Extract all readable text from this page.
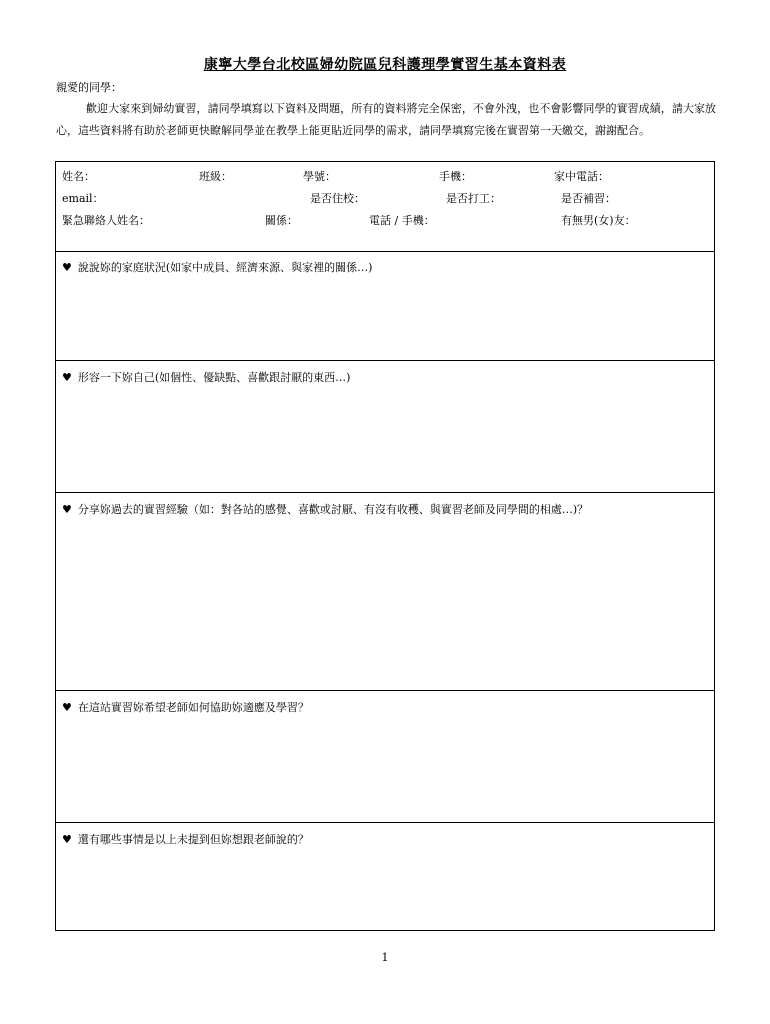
康寧大學台北校區婦幼院區兒科護理學實習生基本資料表
親愛的同學：
歡迎大家來到婦幼實習，請同學填寫以下資料及問題，所有的資料將完全保密，不會外洩，也不會影響同學的實習成績，請大家放心，這些資料將有助於老師更快瞭解同學並在教學上能更貼近同學的需求，請同學填寫完後在實習第一天繳交，謝謝配合。
姓名：	班級：	學號：	手機：	家中電話：
email：	是否住校：	是否打工：	是否補習：
緊急聯絡人姓名：	關係：	電話 / 手機：	有無男(女)友：
♥ 說說妳的家庭狀況(如家中成員、經濟來源、與家裡的關係…)
♥ 形容一下妳自己(如個性、優缺點、喜歡跟討厭的東西…)
♥ 分享妳過去的實習經驗（如：對各站的感覺、喜歡或討厭、有沒有收穫、與實習老師及同學間的相處…)？
♥ 在這站實習妳希望老師如何協助妳適應及學習？
♥ 還有哪些事情是以上未提到但妳想跟老師說的？
1
